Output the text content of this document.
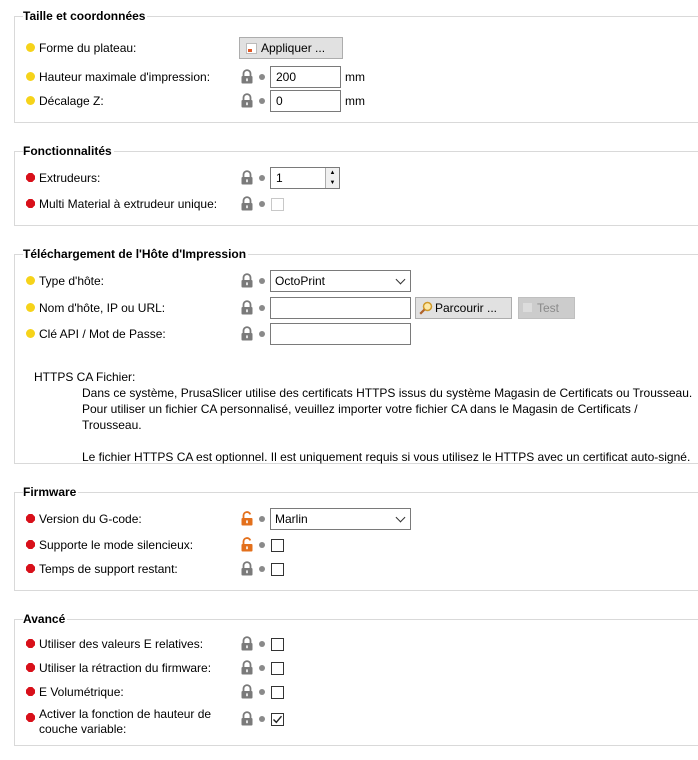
Taille et coordonnées
Forme du plateau:	Appliquer ...
Hauteur maximale d'impression:	200	mm
Décalage Z:	0	mm
Fonctionnalités
Extrudeurs:	1	▲
▼
Multi Material à extrudeur unique:
Téléchargement de l'Hôte d'Impression
Type d'hôte:	OctoPrint
Nom d'hôte, IP ou URL:	Parcourir ...	Test
Clé API / Mot de Passe:

HTTPS CA Fichier:

Dans ce système, PrusaSlicer utilise des certificats HTTPS issus du système Magasin de Certificats ou Trousseau.

Pour utiliser un fichier CA personnalisé, veuillez importer votre fichier CA dans le Magasin de Certificats / Trousseau.

Le fichier HTTPS CA est optionnel. Il est uniquement requis si vous utilisez le HTTPS avec un certificat auto-signé.

Firmware
Version du G-code:	Marlin
Supporte le mode silencieux:
Temps de support restant:
Avancé
Utiliser des valeurs E relatives:
Utiliser la rétraction du firmware:
E Volumétrique:
Activer la fonction de hauteur de
couche variable:
